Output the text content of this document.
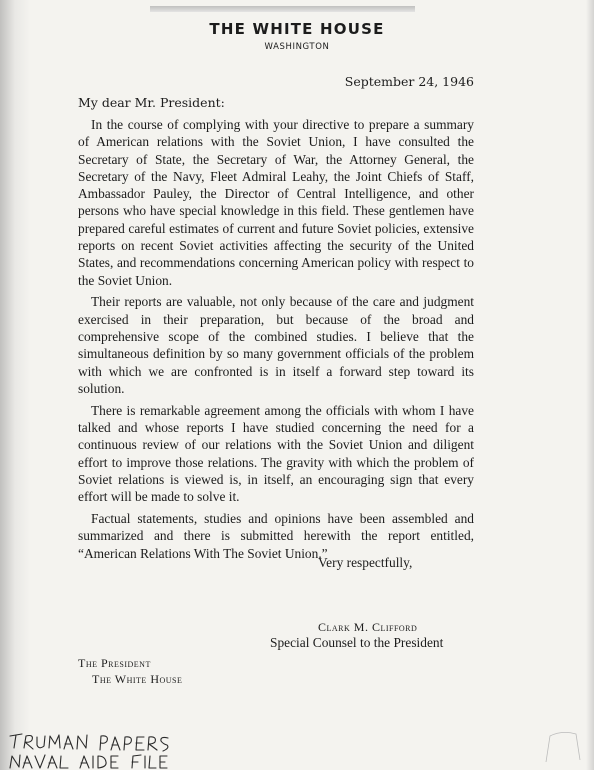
THE WHITE HOUSE
WASHINGTON
September 24, 1946
My dear Mr. President:

In the course of complying with your directive to prepare a summary of American relations with the Soviet Union, I have consulted the Secretary of State, the Secretary of War, the Attorney General, the Secretary of the Navy, Fleet Admiral Leahy, the Joint Chiefs of Staff, Ambassador Pauley, the Director of Central Intelligence, and other persons who have special knowledge in this field. These gentlemen have prepared careful estimates of current and future Soviet policies, extensive reports on recent Soviet activities affecting the security of the United States, and recommendations concerning American policy with respect to the Soviet Union.

Their reports are valuable, not only because of the care and judgment exercised in their preparation, but because of the broad and comprehensive scope of the combined studies. I believe that the simultaneous definition by so many government officials of the problem with which we are confronted is in itself a forward step toward its solution.

There is remarkable agreement among the officials with whom I have talked and whose reports I have studied concerning the need for a continuous review of our relations with the Soviet Union and diligent effort to improve those relations. The gravity with which the problem of Soviet relations is viewed is, in itself, an encouraging sign that every effort will be made to solve it.

Factual statements, studies and opinions have been assembled and summarized and there is submitted herewith the report entitled, “American Relations With The Soviet Union.”

Very respectfully,
Clark M. Clifford
Special Counsel to the President
The President
The White House
